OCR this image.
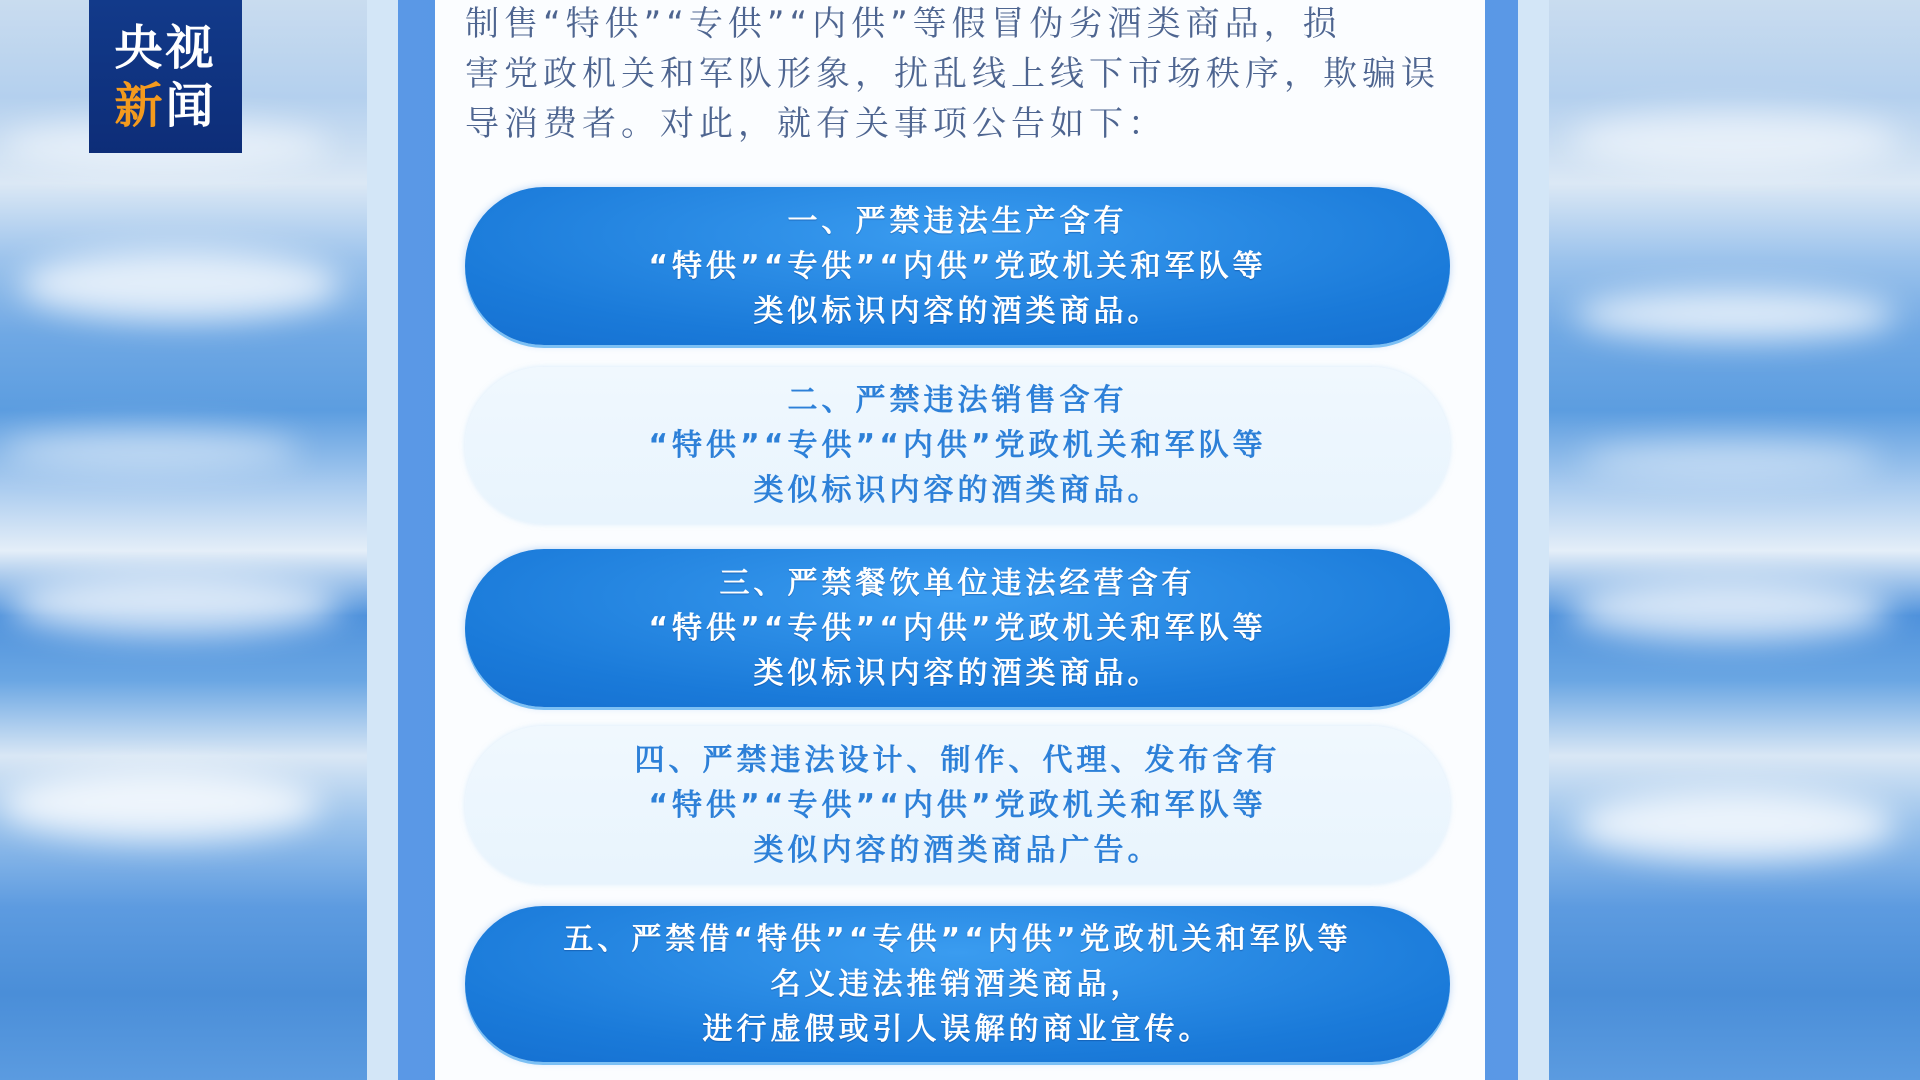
央视
新闻
制售“特供”“专供”“内供”等假冒伪劣酒类商品，损
害党政机关和军队形象，扰乱线上线下市场秩序，欺骗误
导消费者。对此，就有关事项公告如下：
一、严禁违法生产含有
“特供”“专供”“内供”党政机关和军队等
类似标识内容的酒类商品。
二、严禁违法销售含有
“特供”“专供”“内供”党政机关和军队等
类似标识内容的酒类商品。
三、严禁餐饮单位违法经营含有
“特供”“专供”“内供”党政机关和军队等
类似标识内容的酒类商品。
四、严禁违法设计、制作、代理、发布含有
“特供”“专供”“内供”党政机关和军队等
类似内容的酒类商品广告。
五、严禁借“特供”“专供”“内供”党政机关和军队等
名义违法推销酒类商品，
进行虚假或引人误解的商业宣传。
